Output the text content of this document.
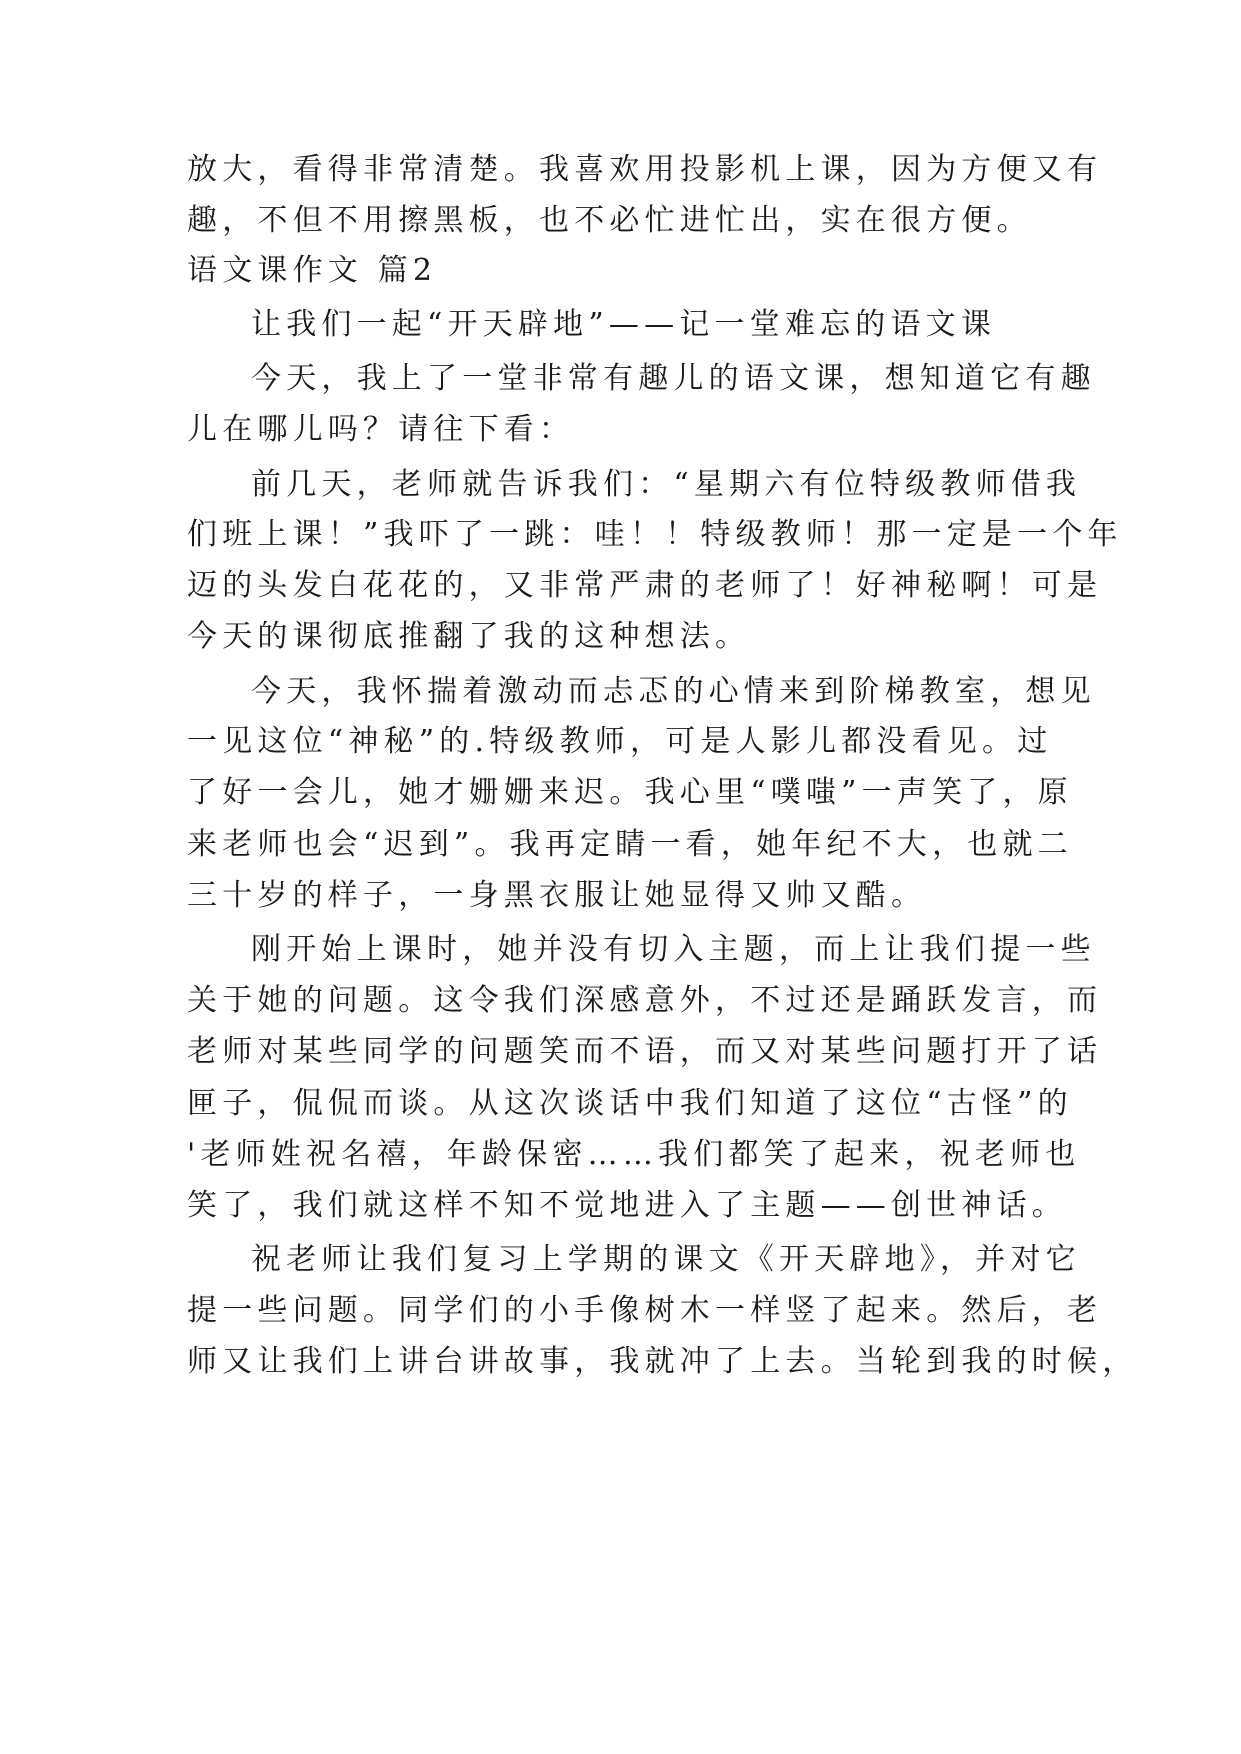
放大，看得非常清楚。我喜欢用投影机上课，因为方便又有
趣，不但不用擦黑板，也不必忙进忙出，实在很方便。
语文课作文 篇2
让我们一起“开天辟地”——记一堂难忘的语文课
今天，我上了一堂非常有趣儿的语文课，想知道它有趣
儿在哪儿吗？请往下看：
前几天，老师就告诉我们：“星期六有位特级教师借我
们班上课！”我吓了一跳：哇！！特级教师！那一定是一个年
迈的头发白花花的，又非常严肃的老师了！好神秘啊！可是
今天的课彻底推翻了我的这种想法。
今天，我怀揣着激动而忐忑的心情来到阶梯教室，想见
一见这位“神秘”的.特级教师，可是人影儿都没看见。过
了好一会儿，她才姗姗来迟。我心里“噗嗤”一声笑了，原
来老师也会“迟到”。我再定睛一看，她年纪不大，也就二
三十岁的样子，一身黑衣服让她显得又帅又酷。
刚开始上课时，她并没有切入主题，而上让我们提一些
关于她的问题。这令我们深感意外，不过还是踊跃发言，而
老师对某些同学的问题笑而不语，而又对某些问题打开了话
匣子，侃侃而谈。从这次谈话中我们知道了这位“古怪”的
'老师姓祝名禧，年龄保密……我们都笑了起来，祝老师也
笑了，我们就这样不知不觉地进入了主题——创世神话。
祝老师让我们复习上学期的课文《开天辟地》，并对它
提一些问题。同学们的小手像树木一样竖了起来。然后，老
师又让我们上讲台讲故事，我就冲了上去。当轮到我的时候，
